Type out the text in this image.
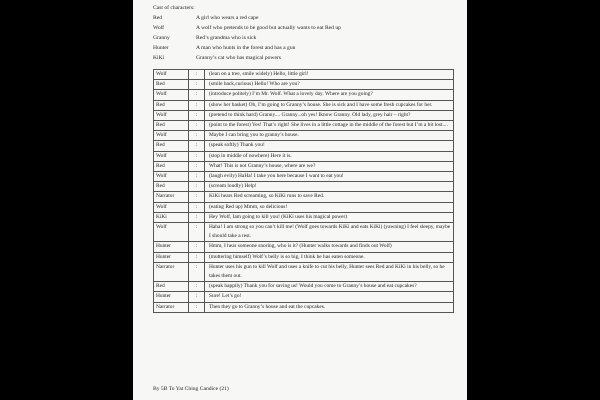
Cast of characters:
Red	A girl who wears a red cape
Wolf	A wolf who pretends to be good but actually wants to eat Red up
Granny	Red’s grandma who is sick
Hunter	A man who hunts in the forest and has a gun
KiKi	Granny’s cat who has magical powers
Wolf	:	(lean on a tree, smile widely) Hello, little girl!
Red	:	(smile back,curious) Hello! Who are you?
Wolf	:	(introduce politely) I’m Mr. Wolf. What a lovely day. Where are you going?
Red	:	(show her basket) Oh, I’m going to Granny’s house. She is sick and I have some fresh cupcakes for her.
Wolf	:	(pretend to think hard) Granny.... Granny...oh yes! Iknow Granny. Old lady, grey hair – right?
Red	:	(point to the forest) Yes! That’s right! She lives in a little cottage in the middle of the forest but I’m a bit lost....
Wolf	:	Maybe I can bring you to granny’s house.
Red	:	(speak softly) Thank you!
Wolf	:	(stop in middle of nowhere) Here it is.
Red	:	What! This is not Granny’s house, where are we?
Wolf	:	(laugh evily) HaHa! I take you here because I want to eat you!
Red	:	(scream loudly) Help!
Narrator	:	KiKi hears Red screaming, so KiKi runs to save Red.
Wolf	:	(eating Red up) Mmm, so delicious!
KiKi	:	Hey Wolf, Iam going to kill you! (KiKi uses his magical power)
Wolf	:	Haha! I am strong so you can’t kill me! (Wolf goes towards KiKi and eats KiKi) (yawning) I feel sleepy, maybe I should take a rest.
Hunter	:	Hmm, I hear someone snoring, who is it? (Hunter walks towards and finds out Wolf)
Hunter	:	(muttering himself) Wolf’s belly is so big, I think he has eaten someone.
Narrator	:	Hunter uses his gun to kill Wolf and uses a knife to cut his belly, Hunter sees Red and KiKi in his belly, so he takes them out.
Red	:	(speak happily) Thank you for saving us! Would you come to Granny’s house and eat cupcakes?
Hunter	:	Sure! Let’s go!
Narrator	:	Then they go to Granny’s house and eat the cupcakes.
By 5B To Yat Ching Candice (21)
